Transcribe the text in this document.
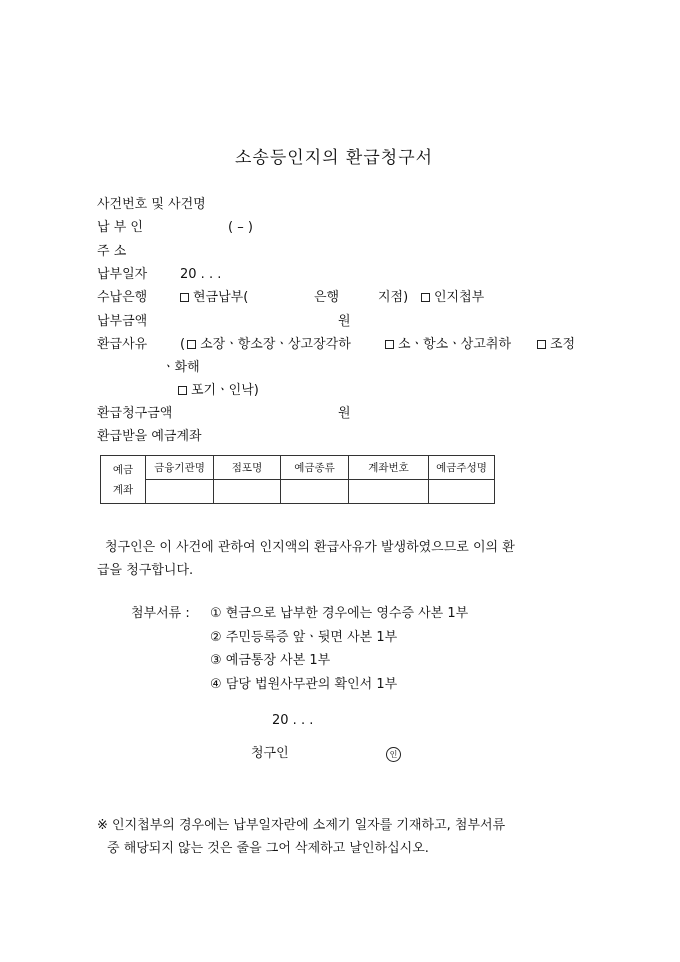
소송등인지의 환급청구서
사건번호 및 사건명
납 부 인	( – )
주 소
납부일자	20 . . .
수납은행	현금납부(	은행	지점)	인지첩부
납부금액	원
환급사유	( 소장ㆍ항소장ㆍ상고장각하	소ㆍ항소ㆍ상고취하	조정
ㆍ화해
포기ㆍ인낙)
환급청구금액	원
환급받을 예금계좌
예금
계좌	금융기관명	점포명	예금종류	계좌번호	예금주성명

청구인은 이 사건에 관하여 인지액의 환급사유가 발생하였으므로 이의 환
급을 청구합니다.
첨부서류 : ① 현금으로 납부한 경우에는 영수증 사본 1부
② 주민등록증 앞ㆍ뒷면 사본 1부
③ 예금통장 사본 1부
④ 담당 법원사무관의 확인서 1부
20 . . .
청구인	인
※ 인지첩부의 경우에는 납부일자란에 소제기 일자를 기재하고, 첨부서류
중 해당되지 않는 것은 줄을 그어 삭제하고 날인하십시오.
